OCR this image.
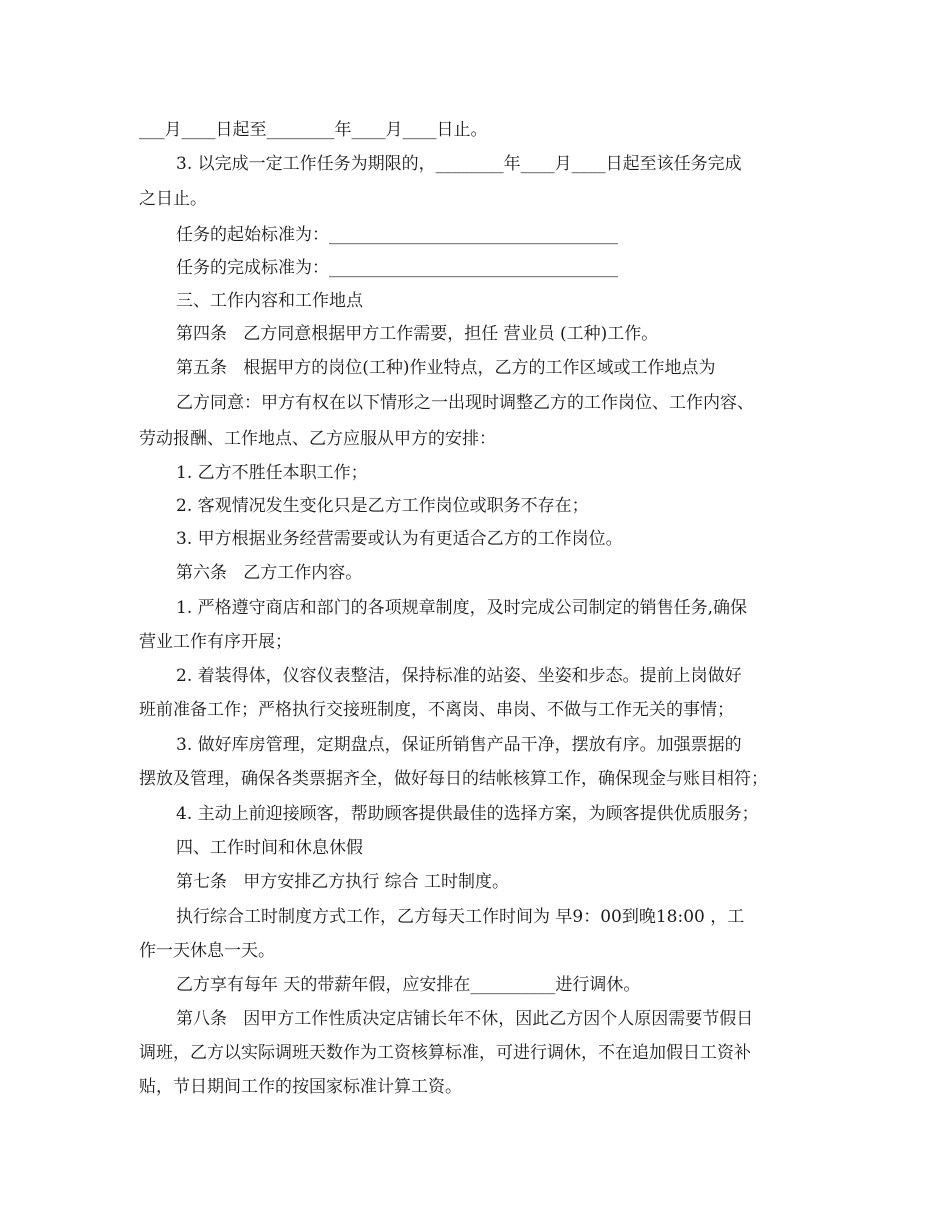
___月____日起至________年____月____日止。
3. 以完成一定工作任务为期限的，________年____月____日起至该任务完成
之日止。
任务的起始标准为：__________________________________
任务的完成标准为：__________________________________
三、工作内容和工作地点
第四条   乙方同意根据甲方工作需要，担任 营业员 (工种)工作。
第五条   根据甲方的岗位(工种)作业特点，乙方的工作区域或工作地点为
乙方同意：甲方有权在以下情形之一出现时调整乙方的工作岗位、工作内容、
劳动报酬、工作地点、乙方应服从甲方的安排：
1. 乙方不胜任本职工作；
2. 客观情况发生变化只是乙方工作岗位或职务不存在；
3. 甲方根据业务经营需要或认为有更适合乙方的工作岗位。
第六条   乙方工作内容。
1. 严格遵守商店和部门的各项规章制度，及时完成公司制定的销售任务,确保
营业工作有序开展；
2. 着装得体，仪容仪表整洁，保持标准的站姿、坐姿和步态。提前上岗做好
班前准备工作；严格执行交接班制度，不离岗、串岗、不做与工作无关的事情；
3. 做好库房管理，定期盘点，保证所销售产品干净，摆放有序。加强票据的
摆放及管理，确保各类票据齐全，做好每日的结帐核算工作，确保现金与账目相符；
4. 主动上前迎接顾客，帮助顾客提供最佳的选择方案，为顾客提供优质服务；
四、工作时间和休息休假
第七条   甲方安排乙方执行 综合 工时制度。
执行综合工时制度方式工作，乙方每天工作时间为 早9：00到晚18:00 ，工
作一天休息一天。
乙方享有每年 天的带薪年假，应安排在__________进行调休。
第八条   因甲方工作性质决定店铺长年不休，因此乙方因个人原因需要节假日
调班，乙方以实际调班天数作为工资核算标准，可进行调休，不在追加假日工资补
贴，节日期间工作的按国家标准计算工资。
